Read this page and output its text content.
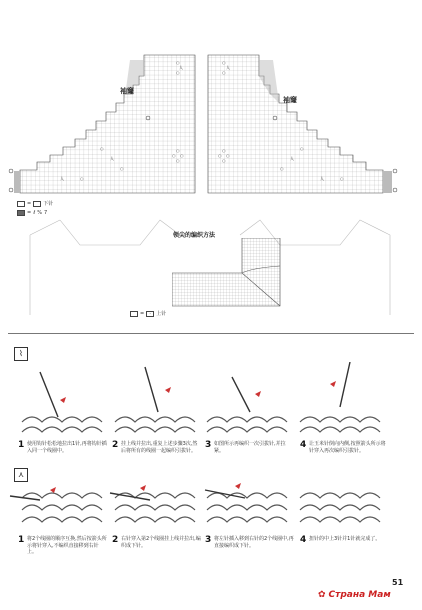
○
人
○
○
○ ○
○
○
人
○
○
○ ○
○
○
人
○
○
人
○
人	○	○
人
袖窿
袖窿
= 下针
= ℓ % 7
领尖的编织方法
=	-	上针
⌇
1 使用钩针松松地拉出1针,再将钩针插入同一个线圈中。
2 挂上线并拉出,重复上述步骤3次,然后将所有的线圈一起编织引拔针。
3 如图所示再编织一次引拔针,并拉紧。
4 让玉米针倒向内侧,按照箭头所示将针穿入再次编织引拔针。
⋏
1 将2个线圈的顺序互换,然后按箭头所示将针穿入,不编织直接移到右针上。
2 右针穿入第2个线圈挂上线并拉出,编织成下针。
3 将左针插入移到右针的2个线圈中,再直接编织成下针。
4 扭针的中上3针并1针就完成了。
51
✿ Страна Мам
